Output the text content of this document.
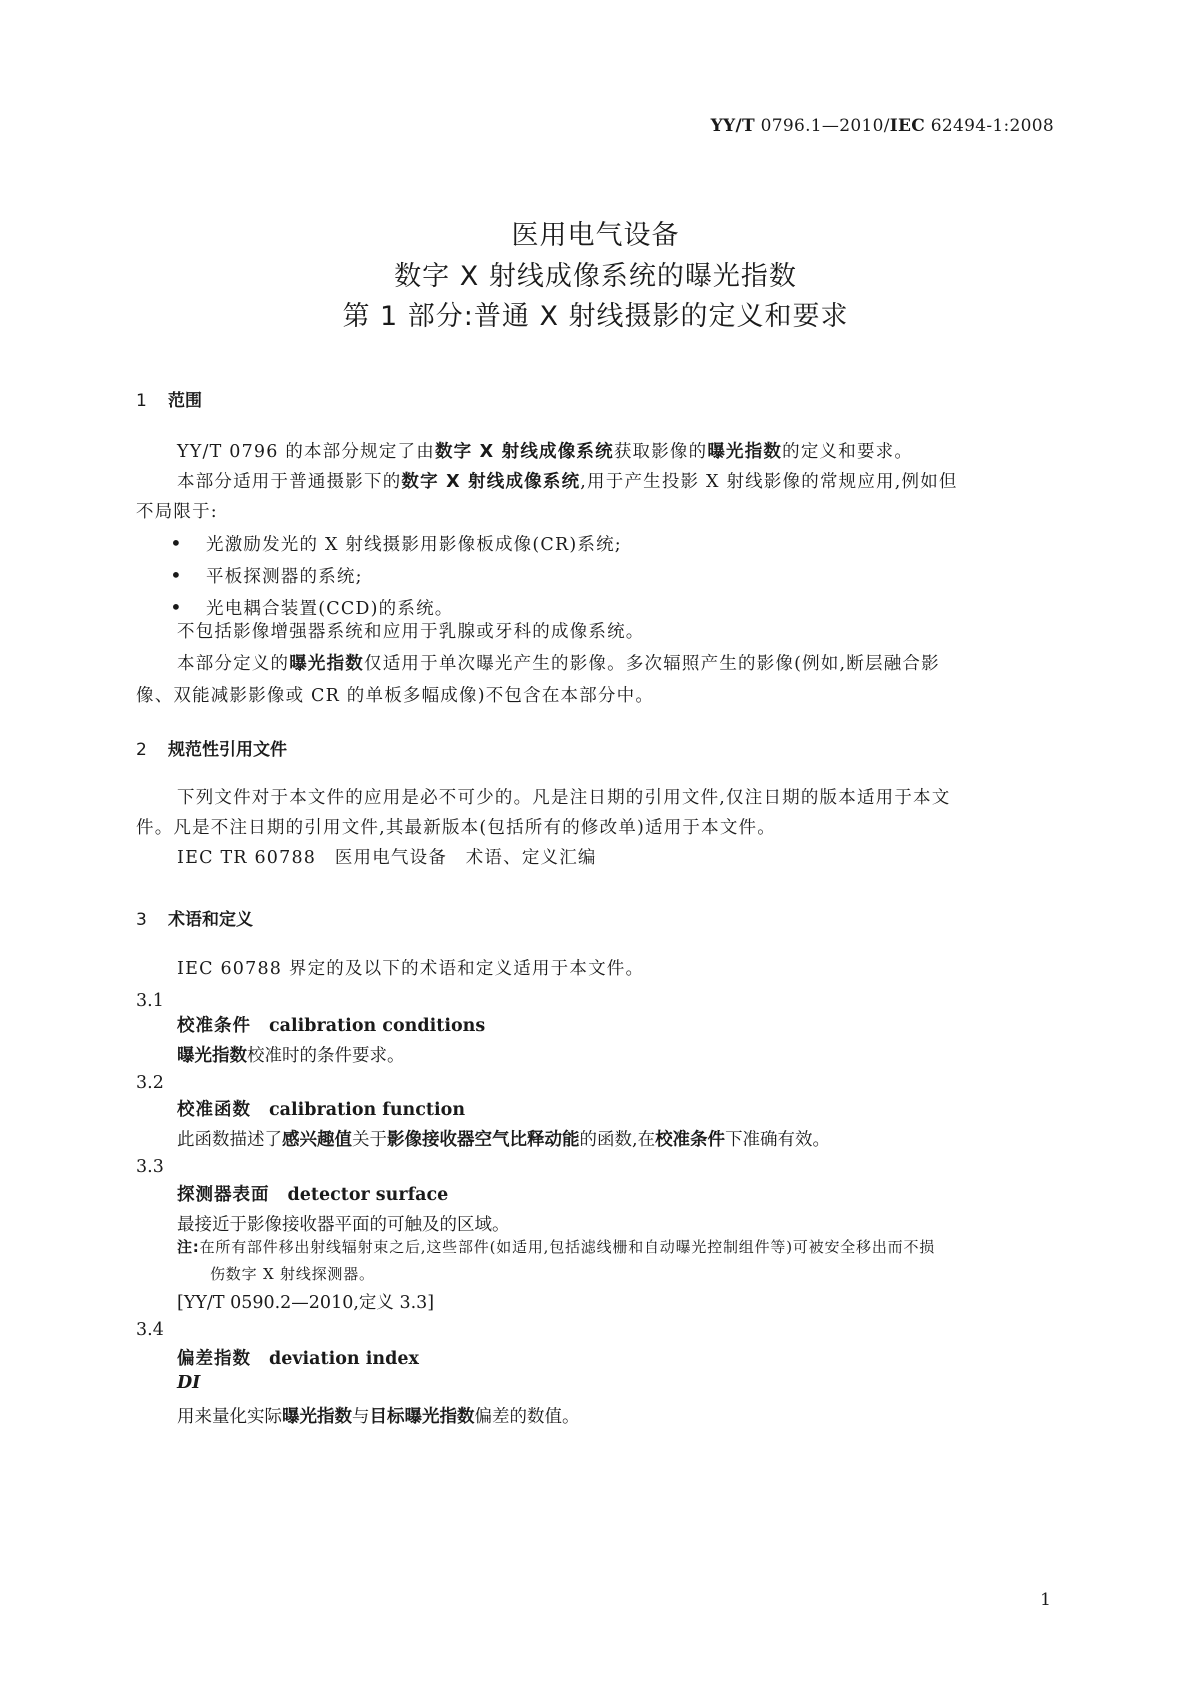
YY/T 0796.1—2010/IEC 62494-1:2008
医用电气设备
数字 X 射线成像系统的曝光指数
第 1 部分:普通 X 射线摄影的定义和要求
1 范围
YY/T 0796 的本部分规定了由数字 X 射线成像系统获取影像的曝光指数的定义和要求。
本部分适用于普通摄影下的数字 X 射线成像系统,用于产生投影 X 射线影像的常规应用,例如但
不局限于:
• 光激励发光的 X 射线摄影用影像板成像(CR)系统;
• 平板探测器的系统;
• 光电耦合装置(CCD)的系统。
不包括影像增强器系统和应用于乳腺或牙科的成像系统。
本部分定义的曝光指数仅适用于单次曝光产生的影像。多次辐照产生的影像(例如,断层融合影
像、双能减影影像或 CR 的单板多幅成像)不包含在本部分中。
2 规范性引用文件
下列文件对于本文件的应用是必不可少的。凡是注日期的引用文件,仅注日期的版本适用于本文
件。凡是不注日期的引用文件,其最新版本(包括所有的修改单)适用于本文件。
IEC TR 60788　医用电气设备　术语、定义汇编
3 术语和定义
IEC 60788 界定的及以下的术语和定义适用于本文件。
3.1
校准条件 calibration conditions
曝光指数校准时的条件要求。
3.2
校准函数 calibration function
此函数描述了感兴趣值关于影像接收器空气比释动能的函数,在校准条件下准确有效。
3.3
探测器表面 detector surface
最接近于影像接收器平面的可触及的区域。
注:在所有部件移出射线辐射束之后,这些部件(如适用,包括滤线栅和自动曝光控制组件等)可被安全移出而不损
伤数字 X 射线探测器。
[YY/T 0590.2—2010,定义 3.3]
3.4
偏差指数 deviation index
DI
用来量化实际曝光指数与目标曝光指数偏差的数值。
1
